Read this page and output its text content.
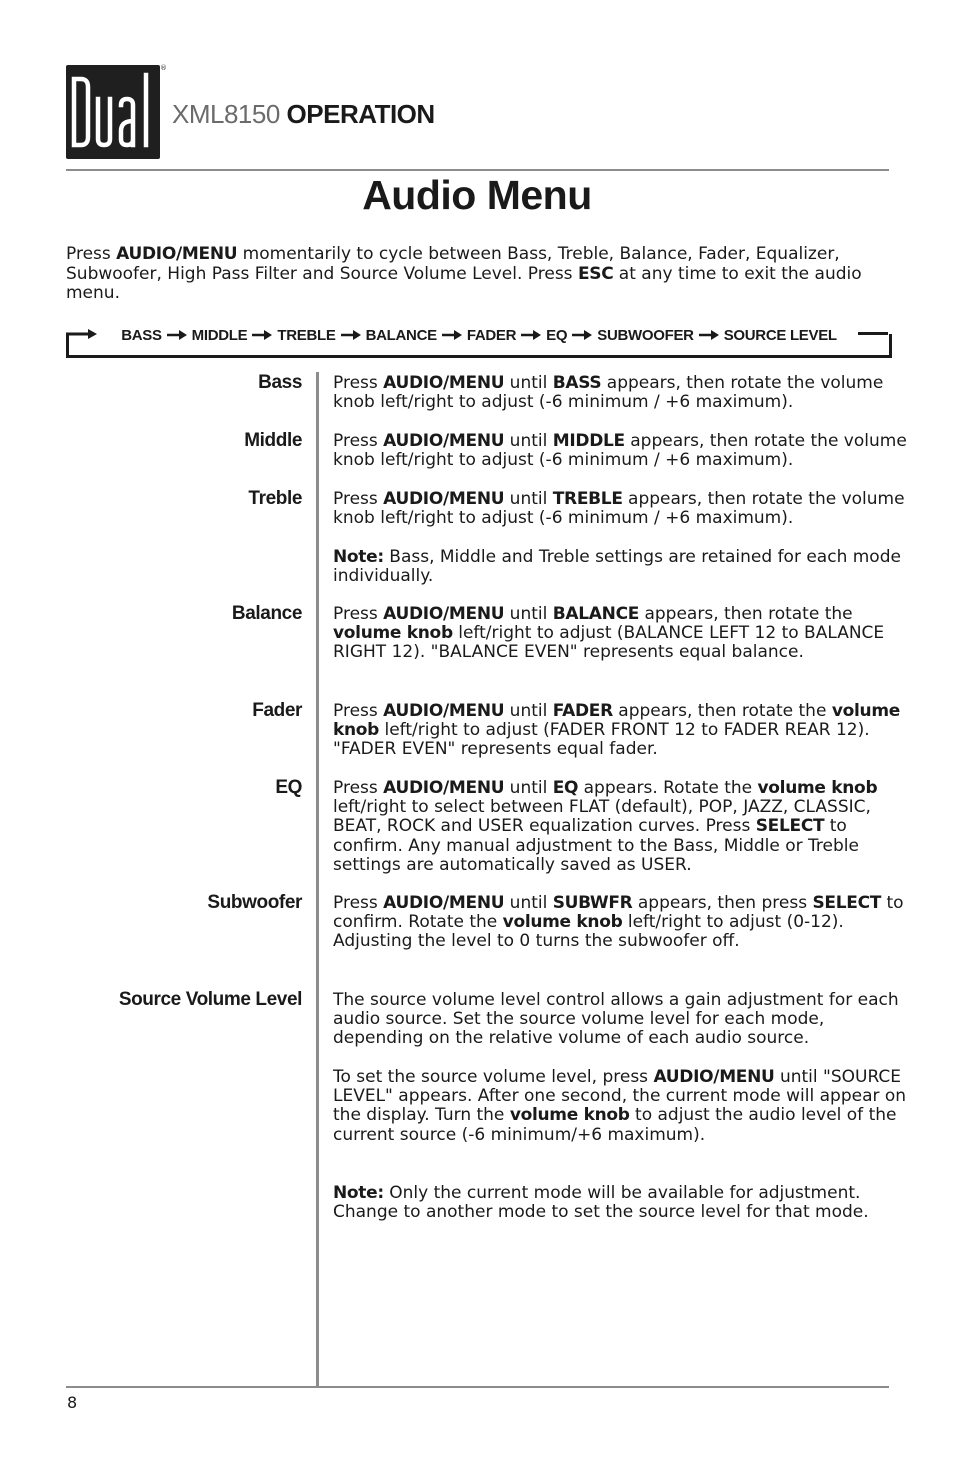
®
XML8150 OPERATION
Audio Menu
Press AUDIO/MENU momentarily to cycle between Bass, Treble, Balance, Fader, Equalizer, Subwoofer, High Pass Filter and Source Volume Level. Press ESC at any time to exit the audio menu.
BASS MIDDLE TREBLE BALANCE FADER EQ SUBWOOFER SOURCE LEVEL
Bass Press AUDIO/MENU until BASS appears, then rotate the volume knob left/right to adjust (-6 minimum / +6 maximum).
Middle Press AUDIO/MENU until MIDDLE appears, then rotate the volume knob left/right to adjust (-6 minimum / +6 maximum).
Treble Press AUDIO/MENU until TREBLE appears, then rotate the volume knob left/right to adjust (-6 minimum / +6 maximum).
Note: Bass, Middle and Treble settings are retained for each mode individually.
Balance Press AUDIO/MENU until BALANCE appears, then rotate the volume knob left/right to adjust (BALANCE LEFT 12 to BALANCE RIGHT 12). "BALANCE EVEN" represents equal balance.
Fader Press AUDIO/MENU until FADER appears, then rotate the volume knob left/right to adjust (FADER FRONT 12 to FADER REAR 12). "FADER EVEN" represents equal fader.
EQ Press AUDIO/MENU until EQ appears. Rotate the volume knob left/right to select between FLAT (default), POP, JAZZ, CLASSIC, BEAT, ROCK and USER equalization curves. Press SELECT to confirm. Any manual adjustment to the Bass, Middle or Treble settings are automatically saved as USER.
Subwoofer Press AUDIO/MENU until SUBWFR appears, then press SELECT to confirm. Rotate the volume knob left/right to adjust (0-12). Adjusting the level to 0 turns the subwoofer off.
Source Volume Level The source volume level control allows a gain adjustment for each audio source. Set the source volume level for each mode, depending on the relative volume of each audio source.
To set the source volume level, press AUDIO/MENU until "SOURCE LEVEL" appears. After one second, the current mode will appear on the display. Turn the volume knob to adjust the audio level of the current source (-6 minimum/+6 maximum).
Note: Only the current mode will be available for adjustment. Change to another mode to set the source level for that mode.
8
